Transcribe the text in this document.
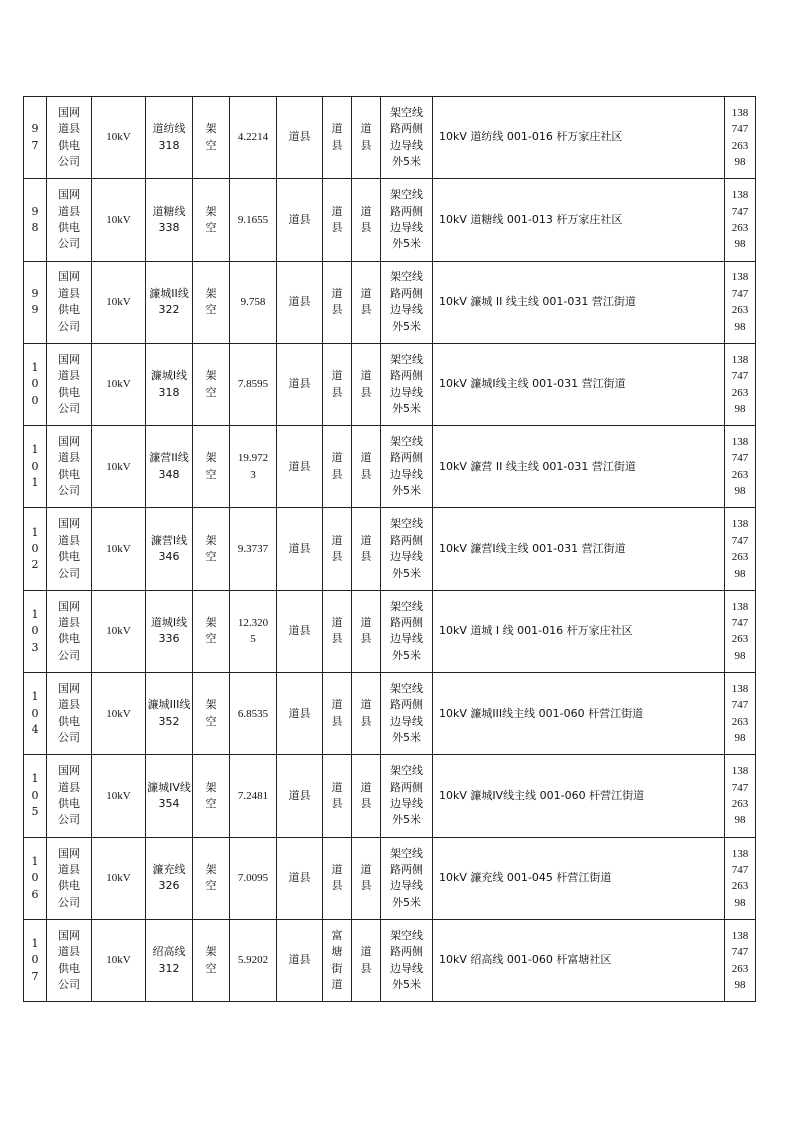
9
7	国网
道县
供电
公司	10kV	道纺线
318	架
空	4.2214	道县	道
县	道
县	架空线
路两侧
边导线
外5米	10kV 道纺线 001-016 杆万家庄社区	138
747
263
98

9
8	国网
道县
供电
公司	10kV	道糖线
338	架
空	9.1655	道县	道
县	道
县	架空线
路两侧
边导线
外5米	10kV 道糖线 001-013 杆万家庄社区	138
747
263
98

9
9	国网
道县
供电
公司	10kV	濂城II线
322	架
空	9.758	道县	道
县	道
县	架空线
路两侧
边导线
外5米	10kV 濂城 II 线主线 001-031 营江街道	138
747
263
98

1
0
0	国网
道县
供电
公司	10kV	濂城I线
318	架
空	7.8595	道县	道
县	道
县	架空线
路两侧
边导线
外5米	10kV 濂城I线主线 001-031 营江街道	138
747
263
98

1
0
1	国网
道县
供电
公司	10kV	濂营II线
348	架
空	19.972
3	道县	道
县	道
县	架空线
路两侧
边导线
外5米	10kV 濂营 II 线主线 001-031 营江街道	138
747
263
98

1
0
2	国网
道县
供电
公司	10kV	濂营I线
346	架
空	9.3737	道县	道
县	道
县	架空线
路两侧
边导线
外5米	10kV 濂营I线主线 001-031 营江街道	138
747
263
98

1
0
3	国网
道县
供电
公司	10kV	道城I线
336	架
空	12.320
5	道县	道
县	道
县	架空线
路两侧
边导线
外5米	10kV 道城 I 线 001-016 杆万家庄社区	138
747
263
98

1
0
4	国网
道县
供电
公司	10kV	濂城III线
352	架
空	6.8535	道县	道
县	道
县	架空线
路两侧
边导线
外5米	10kV 濂城III线主线 001-060 杆营江街道	138
747
263
98

1
0
5	国网
道县
供电
公司	10kV	濂城IV线
354	架
空	7.2481	道县	道
县	道
县	架空线
路两侧
边导线
外5米	10kV 濂城IV线主线 001-060 杆营江街道	138
747
263
98

1
0
6	国网
道县
供电
公司	10kV	濂充线
326	架
空	7.0095	道县	道
县	道
县	架空线
路两侧
边导线
外5米	10kV 濂充线 001-045 杆营江街道	138
747
263
98

1
0
7	国网
道县
供电
公司	10kV	绍高线
312	架
空	5.9202	道县	富
塘
街
道	道
县	架空线
路两侧
边导线
外5米	10kV 绍高线 001-060 杆富塘社区	138
747
263
98
